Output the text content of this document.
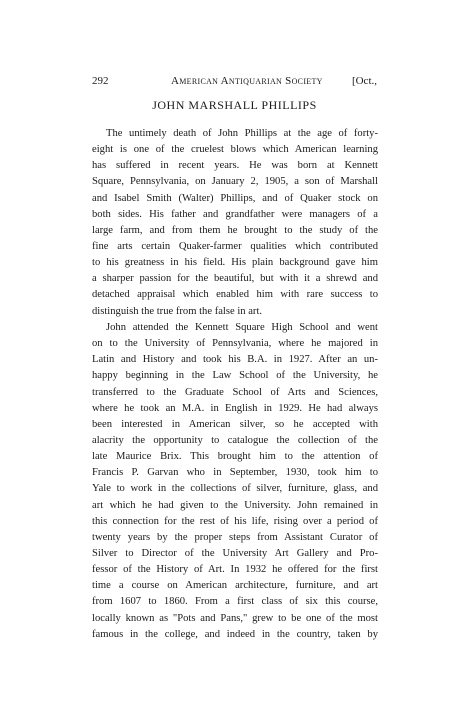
292	American Antiquarian Society	[Oct.,
JOHN MARSHALL PHILLIPS
The untimely death of John Phillips at the age of forty-
eight is one of the cruelest blows which American learning
has suffered in recent years. He was born at Kennett
Square, Pennsylvania, on January 2, 1905, a son of Marshall
and Isabel Smith (Walter) Phillips, and of Quaker stock on
both sides. His father and grandfather were managers of a
large farm, and from them he brought to the study of the
fine arts certain Quaker-farmer qualities which contributed
to his greatness in his field. His plain background gave him
a sharper passion for the beautiful, but with it a shrewd and
detached appraisal which enabled him with rare success to
distinguish the true from the false in art.
John attended the Kennett Square High School and went
on to the University of Pennsylvania, where he majored in
Latin and History and took his B.A. in 1927. After an un-
happy beginning in the Law School of the University, he
transferred to the Graduate School of Arts and Sciences,
where he took an M.A. in English in 1929. He had always
been interested in American silver, so he accepted with
alacrity the opportunity to catalogue the collection of the
late Maurice Brix. This brought him to the attention of
Francis P. Garvan who in September, 1930, took him to
Yale to work in the collections of silver, furniture, glass, and
art which he had given to the University. John remained in
this connection for the rest of his life, rising over a period of
twenty years by the proper steps from Assistant Curator of
Silver to Director of the University Art Gallery and Pro-
fessor of the History of Art. In 1932 he offered for the first
time a course on American architecture, furniture, and art
from 1607 to 1860. From a first class of six this course,
locally known as "Pots and Pans," grew to be one of the most
famous in the college, and indeed in the country, taken by
